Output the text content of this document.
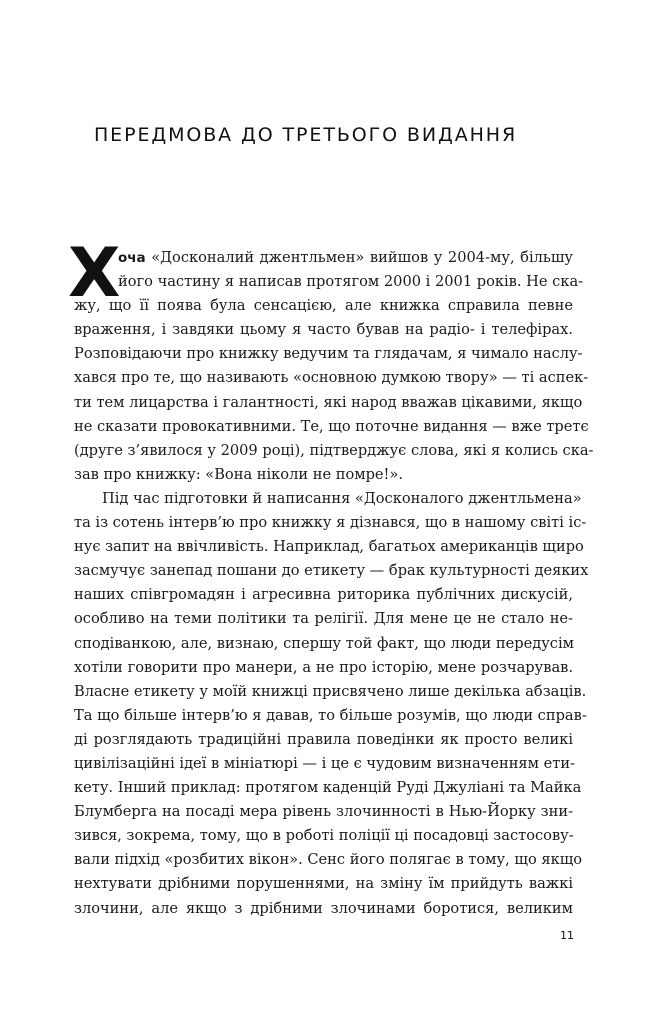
ПЕРЕДМОВА ДО ТРЕТЬОГО ВИДАННЯ
Х
оча «Досконалий джентльмен» вийшов у 2004-му, більшу
його частину я написав протягом 2000 і 2001 років. Не ска-
жу, що її поява була сенсацією, але книжка справила певне
враження, і завдяки цьому я часто бував на радіо- і телефірах.
Розповідаючи про книжку ведучим та глядачам, я чимало наслу-
хався про те, що називають «основною думкою твору» — ті аспек-
ти тем лицарства і галантності, які народ вважав цікавими, якщо
не сказати провокативними. Те, що поточне видання — вже третє
(друге з’явилося у 2009 році), підтверджує слова, які я колись ска-
зав про книжку: «Вона ніколи не помре!».
Під час підготовки й написання «Досконалого джентльмена»
та із сотень інтерв’ю про книжку я дізнався, що в нашому світі іс-
нує запит на ввічливість. Наприклад, багатьох американців щиро
засмучує занепад пошани до етикету — брак культурності деяких
наших співгромадян і агресивна риторика публічних дискусій,
особливо на теми політики та релігії. Для мене це не стало не-
сподіванкою, але, визнаю, спершу той факт, що люди передусім
хотіли говорити про манери, а не про історію, мене розчарував.
Власне етикету у моїй книжці присвячено лише декілька абзаців.
Та що більше інтерв’ю я давав, то більше розумів, що люди справ-
ді розглядають традиційні правила поведінки як просто великі
цивілізаційні ідеї в мініатюрі — і це є чудовим визначенням ети-
кету. Інший приклад: протягом каденцій Руді Джуліані та Майка
Блумберга на посаді мера рівень злочинності в Нью-Йорку зни-
зився, зокрема, тому, що в роботі поліції ці посадовці застосову-
вали підхід «розбитих вікон». Сенс його полягає в тому, що якщо
нехтувати дрібними порушеннями, на зміну їм прийдуть важкі
злочини, але якщо з дрібними злочинами боротися, великим
11
